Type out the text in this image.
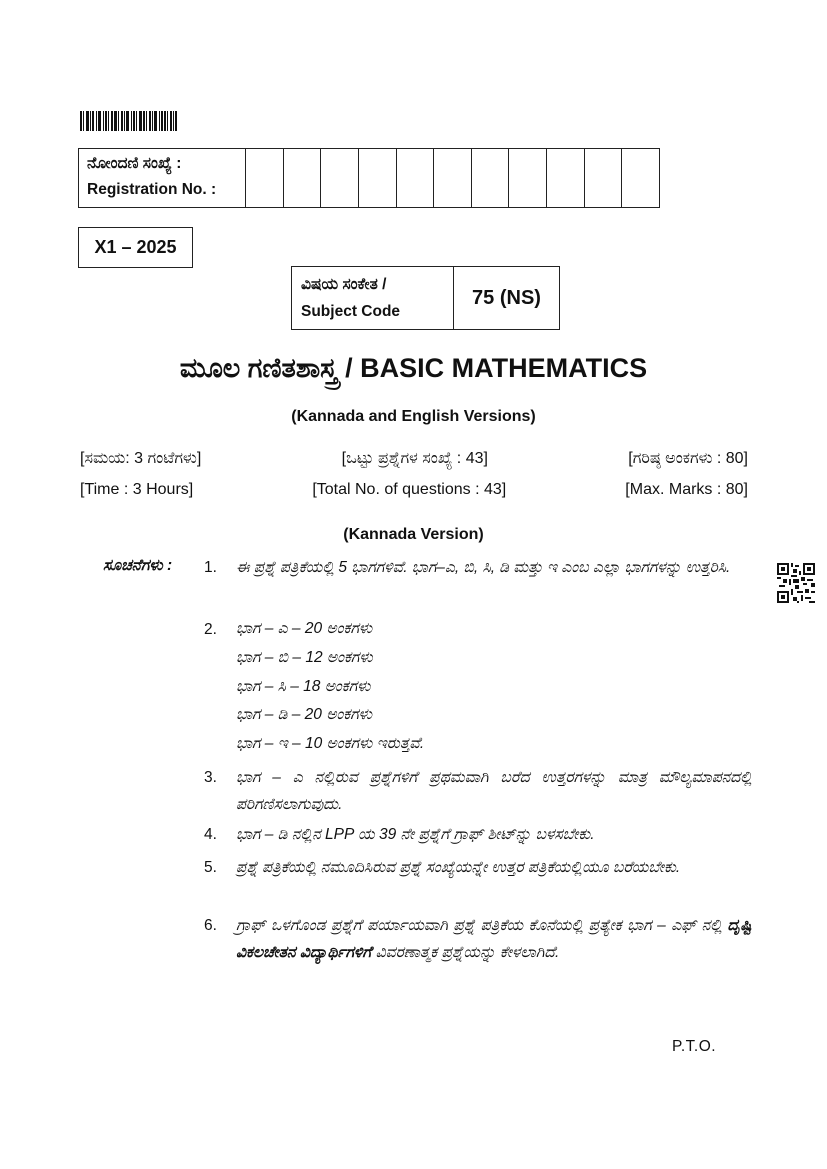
ನೋಂದಣಿ ಸಂಖ್ಯೆ :
Registration No. :
X1 – 2025
ವಿಷಯ ಸಂಕೇತ /
Subject Code
75 (NS)
ಮೂಲ ಗಣಿತಶಾಸ್ತ್ರ / BASIC MATHEMATICS
(Kannada and English Versions)
[ಸಮಯ: 3 ಗಂಟೆಗಳು]	[ಒಟ್ಟು ಪ್ರಶ್ನೆಗಳ ಸಂಖ್ಯೆ : 43]	[ಗರಿಷ್ಠ ಅಂಕಗಳು : 80]
[Time : 3 Hours]	[Total No. of questions : 43]	[Max. Marks : 80]
(Kannada Version)
ಸೂಚನೆಗಳು : 1.	ಈ ಪ್ರಶ್ನೆ ಪತ್ರಿಕೆಯಲ್ಲಿ 5 ಭಾಗಗಳಿವೆ. ಭಾಗ–ಎ, ಬಿ, ಸಿ, ಡಿ ಮತ್ತು ಇ ಎಂಬ ಎಲ್ಲಾ ಭಾಗಗಳನ್ನು ಉತ್ತರಿಸಿ.
2.	ಭಾಗ – ಎ – 20 ಅಂಕಗಳು
ಭಾಗ – ಬಿ – 12 ಅಂಕಗಳು
ಭಾಗ – ಸಿ – 18 ಅಂಕಗಳು
ಭಾಗ – ಡಿ – 20 ಅಂಕಗಳು
ಭಾಗ – ಇ – 10 ಅಂಕಗಳು ಇರುತ್ತವೆ.
3.	ಭಾಗ – ಎ ನಲ್ಲಿರುವ ಪ್ರಶ್ನೆಗಳಿಗೆ ಪ್ರಥಮವಾಗಿ ಬರೆದ ಉತ್ತರಗಳನ್ನು ಮಾತ್ರ ಮೌಲ್ಯಮಾಪನದಲ್ಲಿ ಪರಿಗಣಿಸಲಾಗುವುದು.
4.	ಭಾಗ – ಡಿ ನಲ್ಲಿನ LPP ಯ 39 ನೇ ಪ್ರಶ್ನೆಗೆ ಗ್ರಾಫ್ ಶೀಟ್‌ನ್ನು ಬಳಸಬೇಕು.
5.	ಪ್ರಶ್ನೆ ಪತ್ರಿಕೆಯಲ್ಲಿ ನಮೂದಿಸಿರುವ ಪ್ರಶ್ನೆ ಸಂಖ್ಯೆಯನ್ನೇ ಉತ್ತರ ಪತ್ರಿಕೆಯಲ್ಲಿಯೂ ಬರೆಯಬೇಕು.
6.	ಗ್ರಾಫ್ ಒಳಗೊಂಡ ಪ್ರಶ್ನೆಗೆ ಪರ್ಯಾಯವಾಗಿ ಪ್ರಶ್ನೆ ಪತ್ರಿಕೆಯ ಕೊನೆಯಲ್ಲಿ ಪ್ರತ್ಯೇಕ ಭಾಗ – ಎಫ್ ನಲ್ಲಿ ದೃಷ್ಟಿ ವಿಕಲಚೇತನ ವಿದ್ಯಾರ್ಥಿಗಳಿಗೆ ವಿವರಣಾತ್ಮಕ ಪ್ರಶ್ನೆಯನ್ನು ಕೇಳಲಾಗಿದೆ.
P.T.O.
